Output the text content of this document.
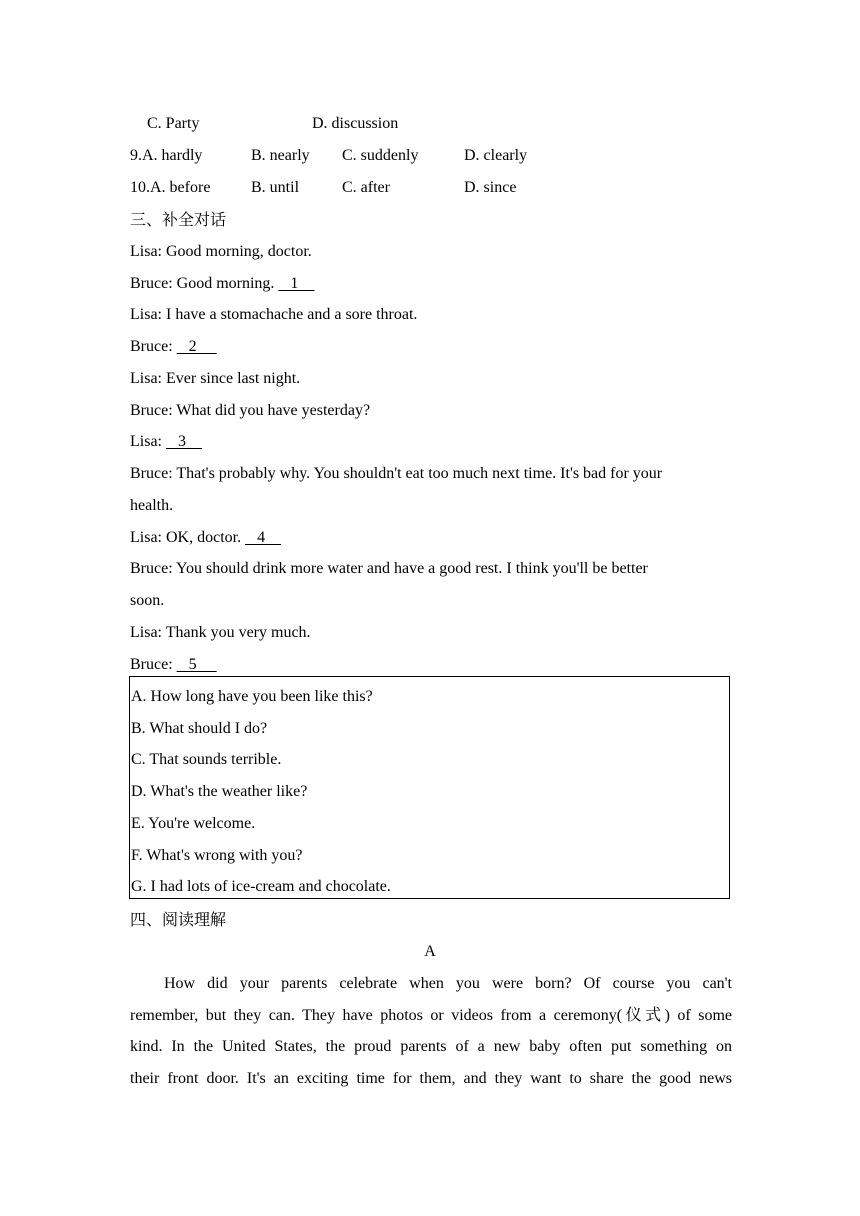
C. Party	D. discussion
9.A. hardly	B. nearly C. suddenly	D. clearly
10.A. before	B. until	C. after	D. since
三、补全对话
Lisa: Good morning, doctor.
Bruce: Good morning.    1
Lisa: I have a stomachache and a sore throat.
Bruce:    2
Lisa: Ever since last night.
Bruce: What did you have yesterday?
Lisa:    3
Bruce: That's probably why. You shouldn't eat too much next time. It's bad for your
health.
Lisa: OK, doctor.    4
Bruce: You should drink more water and have a good rest. I think you'll be better
soon.
Lisa: Thank you very much.
Bruce:    5
A. How long have you been like this?
B. What should I do?
C. That sounds terrible.
D. What's the weather like?
E. You're welcome.
F. What's wrong with you?
G. I had lots of ice-cream and chocolate.
四、阅读理解
A
How did your parents celebrate when you were born? Of course you can't
remember, but they can. They have photos or videos from a ceremony(仪式) of some
kind. In the United States, the proud parents of a new baby often put something on
their front door. It's an exciting time for them, and they want to share the good news
